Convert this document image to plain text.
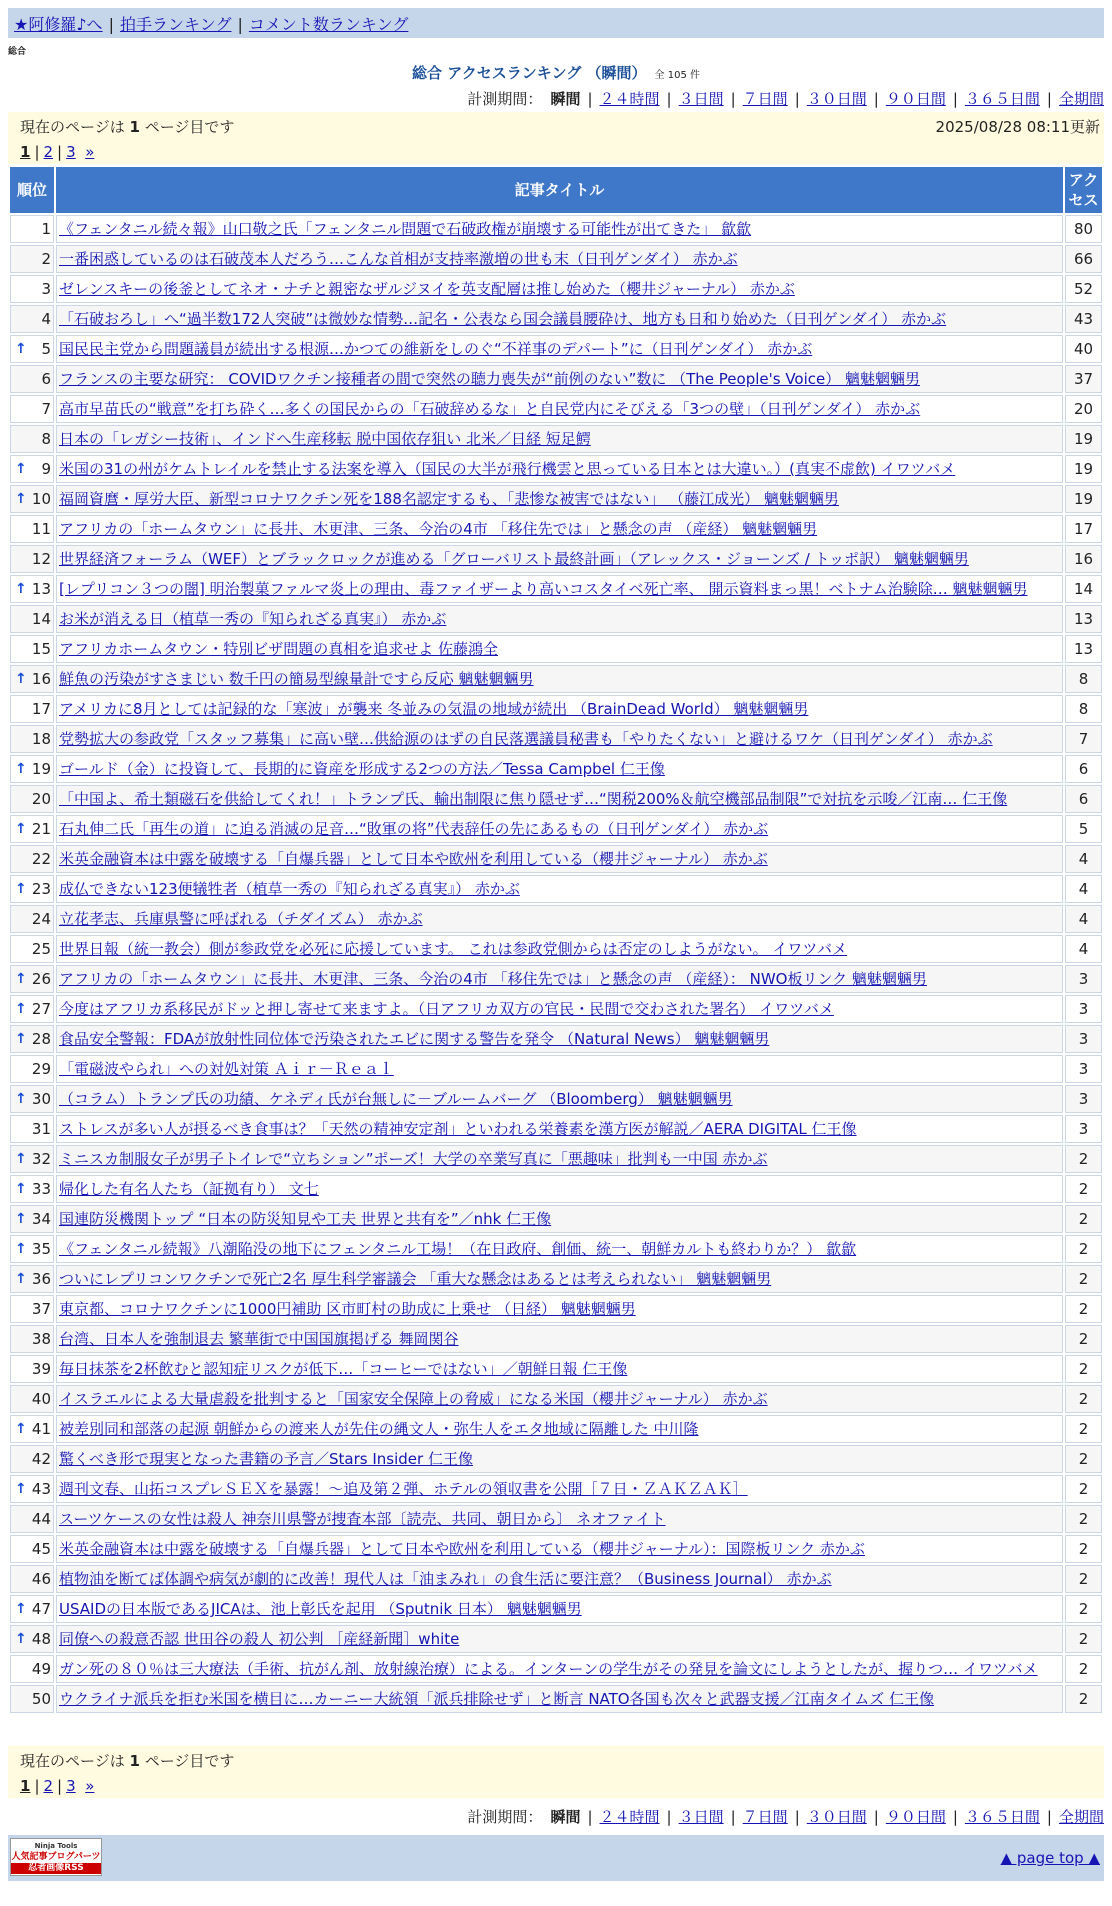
★阿修羅♪へ | 拍手ランキング | コメント数ランキング
総合
総合 アクセスランキング （瞬間） 全 105 件
計測期間： 瞬間 | ２４時間 | ３日間 | ７日間 | ３０日間 | ９０日間 | ３６５日間 | 全期間
現在のページは 1 ページ目です	2025/08/28 08:11更新
1 | 2 | 3 »
順位	記事タイトル	アクセス
1	《フェンタニル続々報》山口敬之氏「フェンタニル問題で石破政権が崩壊する可能性が出てきた」 歙歙	80
2	一番困惑しているのは石破茂本人だろう…こんな首相が支持率激増の世も末（日刊ゲンダイ） 赤かぶ	66
3	ゼレンスキーの後釜としてネオ・ナチと親密なザルジヌイを英支配層は推し始めた（櫻井ジャーナル） 赤かぶ	52
4	「石破おろし」へ“過半数172人突破”は微妙な情勢…記名・公表なら国会議員腰砕け、地方も日和り始めた（日刊ゲンダイ） 赤かぶ	43

↑ 5	国民民主党から問題議員が続出する根源…かつての維新をしのぐ“不祥事のデパート”に（日刊ゲンダイ） 赤かぶ	40
6	フランスの主要な研究： COVIDワクチン接種者の間で突然の聴力喪失が“前例のない”数に （The People's Voice） 魑魅魍魎男	37
7	高市早苗氏の“戦意”を打ち砕く…多くの国民からの「石破辞めるな」と自民党内にそびえる「3つの壁」（日刊ゲンダイ） 赤かぶ	20
8	日本の「レガシー技術」、インドへ生産移転 脱中国依存狙い 北米／日経 短足鰐	19

↑ 9	米国の31の州がケムトレイルを禁止する法案を導入（国民の大半が飛行機雲と思っている日本とは大違い。）(真実不虚飲) イワツバメ	19

↑ 10	福岡資麿・厚労大臣、新型コロナワクチン死を188名認定するも、「悲惨な被害ではない」 （藤江成光） 魑魅魍魎男	19
11	アフリカの「ホームタウン」に長井、木更津、三条、今治の4市 「移住先では」と懸念の声 （産経） 魑魅魍魎男	17
12	世界経済フォーラム（WEF）とブラックロックが進める「グローバリスト最終計画」（アレックス・ジョーンズ / トッポ訳） 魑魅魍魎男	16

↑ 13	[レプリコン３つの闇] 明治製菓ファルマ炎上の理由、毒ファイザーより高いコスタイベ死亡率、 開示資料まっ黒！ベトナム治験除… 魑魅魍魎男	14
14	お米が消える日（植草一秀の『知られざる真実』） 赤かぶ	13
15	アフリカホームタウン・特別ビザ問題の真相を追求せよ 佐藤鴻全	13

↑ 16	鮮魚の汚染がすさまじい 数千円の簡易型線量計ですら反応 魑魅魍魎男	8
17	アメリカに8月としては記録的な「寒波」が襲来 冬並みの気温の地域が続出 （BrainDead World） 魑魅魍魎男	8
18	党勢拡大の参政党「スタッフ募集」に高い壁…供給源のはずの自民落選議員秘書も「やりたくない」と避けるワケ（日刊ゲンダイ） 赤かぶ	7

↑ 19	ゴールド（金）に投資して、長期的に資産を形成する2つの方法／Tessa Campbel 仁王像	6
20	「中国よ、希土類磁石を供給してくれ！」トランプ氏、輸出制限に焦り隠せず…“関税200%＆航空機部品制限”で対抗を示唆／江南… 仁王像	6

↑ 21	石丸伸二氏「再生の道」に迫る消滅の足音…“敗軍の将”代表辞任の先にあるもの（日刊ゲンダイ） 赤かぶ	5
22	米英金融資本は中露を破壊する「自爆兵器」として日本や欧州を利用している（櫻井ジャーナル） 赤かぶ	4

↑ 23	成仏できない123便犠牲者（植草一秀の『知られざる真実』） 赤かぶ	4
24	立花孝志、兵庫県警に呼ばれる（チダイズム） 赤かぶ	4
25	世界日報（統一教会）側が参政党を必死に応援しています。 これは参政党側からは否定のしようがない。 イワツバメ	4

↑ 26	アフリカの「ホームタウン」に長井、木更津、三条、今治の4市 「移住先では」と懸念の声 （産経）： NWO板リンク 魑魅魍魎男	3

↑ 27	今度はアフリカ系移民がドッと押し寄せて来ますよ。（日アフリカ双方の官民・民間で交わされた署名） イワツバメ	3

↑ 28	食品安全警報：FDAが放射性同位体で汚染されたエビに関する警告を発令 （Natural News） 魑魅魍魎男	3
29	「電磁波やられ」への対処対策 Ａｉｒ－Ｒｅａｌ	3

↑ 30	（コラム）トランプ氏の功績、ケネディ氏が台無しに－ブルームバーグ （Bloomberg） 魑魅魍魎男	3
31	ストレスが多い人が摂るべき食事は？「天然の精神安定剤」といわれる栄養素を漢方医が解説／AERA DIGITAL 仁王像	3

↑ 32	ミニスカ制服女子が男子トイレで“立ちション”ポーズ！大学の卒業写真に「悪趣味」批判も一中国 赤かぶ	2

↑ 33	帰化した有名人たち（証拠有り） 文七	2

↑ 34	国連防災機関トップ “日本の防災知見や工夫 世界と共有を”／nhk 仁王像	2

↑ 35	《フェンタニル続報》八潮陥没の地下にフェンタニル工場！（在日政府、創価、統一、朝鮮カルトも終わりか？） 歙歙	2

↑ 36	ついにレプリコンワクチンで死亡2名 厚生科学審議会 「重大な懸念はあるとは考えられない」 魑魅魍魎男	2
37	東京都、コロナワクチンに1000円補助 区市町村の助成に上乗せ （日経） 魑魅魍魎男	2
38	台湾、日本人を強制退去 繁華街で中国国旗掲げる 舞岡関谷	2
39	毎日抹茶を2杯飲むと認知症リスクが低下…「コーヒーではない」／朝鮮日報 仁王像	2
40	イスラエルによる大量虐殺を批判すると「国家安全保障上の脅威」になる米国（櫻井ジャーナル） 赤かぶ	2

↑ 41	被差別同和部落の起源 朝鮮からの渡来人が先住の縄文人・弥生人をエタ地域に隔離した 中川隆	2
42	驚くべき形で現実となった書籍の予言／Stars Insider 仁王像	2

↑ 43	週刊文春、山拓コスプレＳＥＸを暴露！～追及第２弾、ホテルの領収書を公開［７日・ＺＡＫＺＡＫ］	2
44	スーツケースの女性は殺人 神奈川県警が捜査本部〔読売、共同、朝日から〕 ネオファイト	2
45	米英金融資本は中露を破壊する「自爆兵器」として日本や欧州を利用している（櫻井ジャーナル）：国際板リンク 赤かぶ	2
46	植物油を断てば体調や病気が劇的に改善！現代人は「油まみれ」の食生活に要注意？（Business Journal） 赤かぶ	2

↑ 47	USAIDの日本版であるJICAは、池上彰氏を起用 （Sputnik 日本） 魑魅魍魎男	2

↑ 48	同僚への殺意否認 世田谷の殺人 初公判 ［産経新聞］white	2
49	ガン死の８０％は三大療法（手術、抗がん剤、放射線治療）による。インターンの学生がその発見を論文にしようとしたが、握りつ… イワツバメ	2
50	ウクライナ派兵を拒む米国を横目に…カーニー大統領「派兵排除せず」と断言 NATO各国も次々と武器支援／江南タイムズ 仁王像	2
現在のページは 1 ページ目です
1 | 2 | 3 »
計測期間： 瞬間 | ２４時間 | ３日間 | ７日間 | ３０日間 | ９０日間 | ３６５日間 | 全期間
Ninja Tools
人気記事ブログパーツ
忍者画像RSS
▲ page top ▲
